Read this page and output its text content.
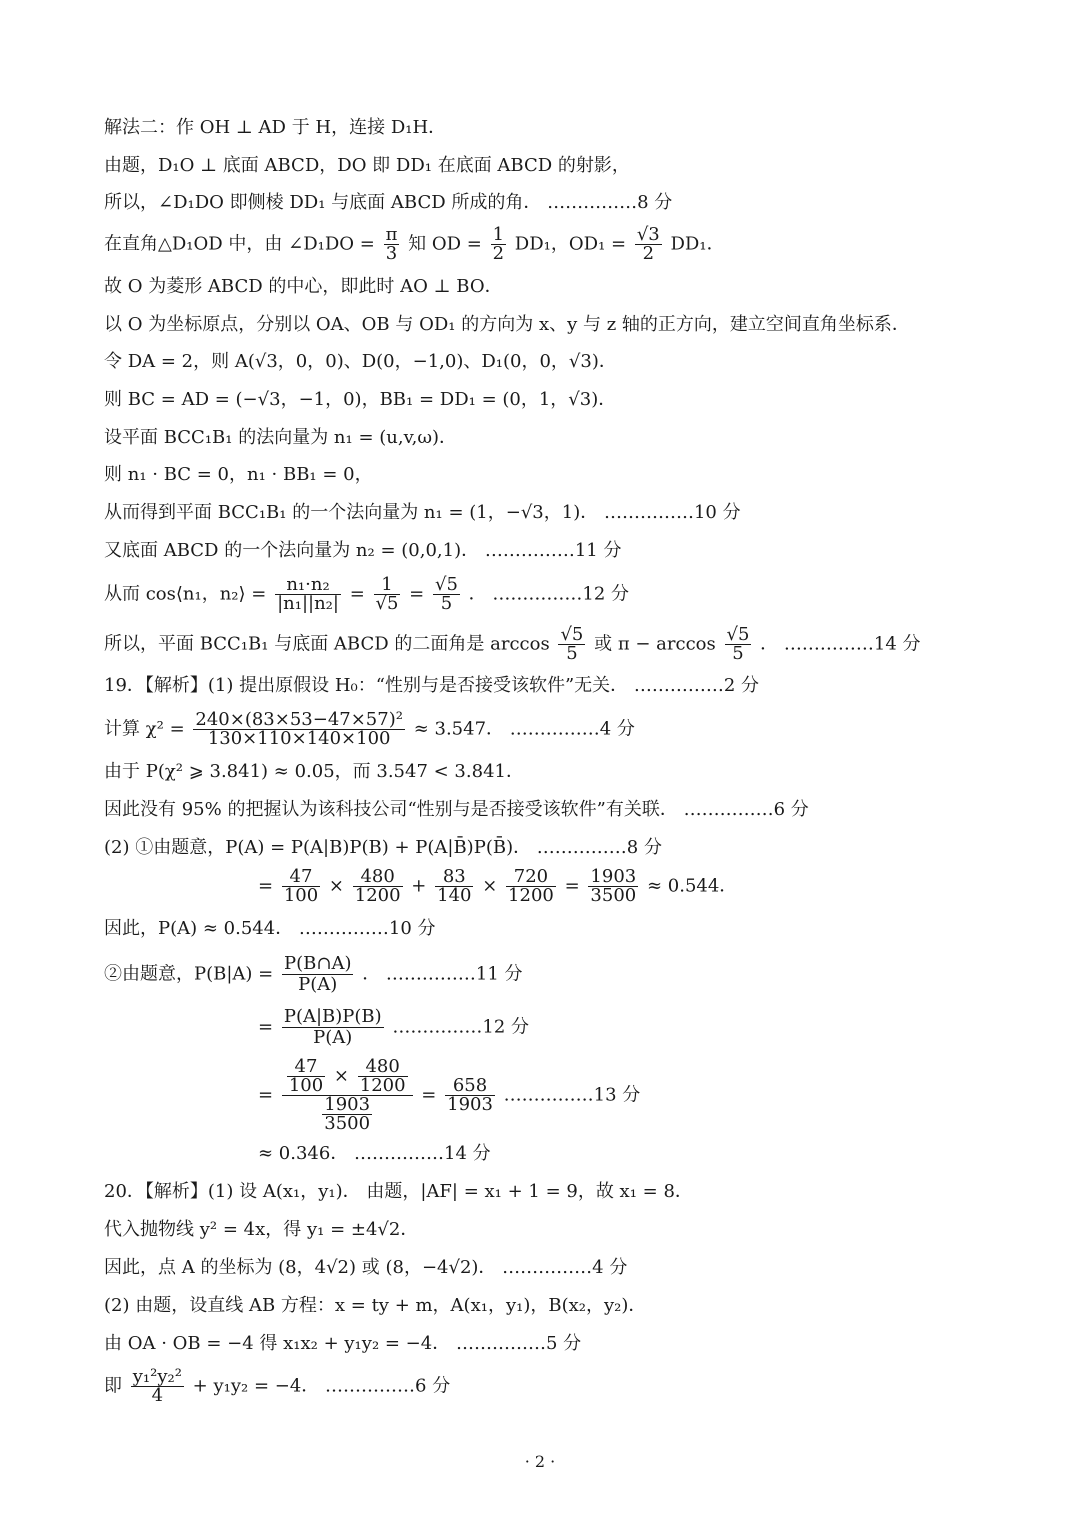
解法二：作 OH ⊥ AD 于 H，连接 D₁H．
由题，D₁O ⊥ 底面 ABCD，DO 即 DD₁ 在底面 ABCD 的射影，
所以，∠D₁DO 即侧棱 DD₁ 与底面 ABCD 所成的角． ……………8 分
在直角△D₁OD 中，由 ∠D₁DO = $\frac{\pi}{3}$ 知 OD = $\frac{1}{2} DD_1$，$OD_1 = \frac{√3}{2} DD_1$．
故 O 为菱形 ABCD 的中心，即此时 AO ⊥ BO．
以 O 为坐标原点，分别以 OA、OB 与 OD₁ 的方向为 x、y 与 z 轴的正方向，建立空间直角坐标系．
令 DA = 2，则 A(√3，0，0)、D(0，−1,0)、D₁(0，0，√3)．
则 BC = AD = (−√3，−1，0)，BB₁ = DD₁ = (0，1，√3)．
设平面 BCC₁B₁ 的法向量为 n₁ = (u,v,ω)．
则 n₁ · BC = 0，n₁ · BB₁ = 0，
从而得到平面 BCC₁B₁ 的一个法向量为 n₁ = (1，−√3，1)． ……………10 分
又底面 ABCD 的一个法向量为 n₂ = (0,0,1)． ……………11 分
从而 cos⟨n₁，n₂⟩ = $\frac{\text{n₁·n₂}}{\text{|n₁||n₂|}} = \frac{1}{√5} = \frac{√5}{5}$ ． ……………12 分
所以，平面 BCC₁B₁ 与底面 ABCD 的二面角是 $\arccos \frac{√5}{5}$ 或 $\pi - \arccos \frac{√5}{5}$ ． ……………14 分
19．【解析】(1) 提出原假设 H₀：“性别与是否接受该软件”无关． ……………2 分
计算 $\chi^2 = \frac{\text{240×(83×53−47×57)²}}{130\times 110\times 140\times 100} \approx 3.547$． ……………4 分
由于 P(χ² ⩾ 3.841) ≈ 0.05，而 3.547 < 3.841．
因此没有 95% 的把握认为该科技公司“性别与是否接受该软件”有关联． ……………6 分
(2) ①由题意，P(A) = P(A|B)P(B) + P(A|B̄)P(B̄)． ……………8 分
= $\frac{47}{100} \times \frac{480}{1200} + \frac{83}{140} \times \frac{720}{1200} = \frac{1903}{3500} \approx 0.544$．
因此，P(A) ≈ 0.544． ……………10 分
②由题意，$P(B|A) = \frac{P(B\cap A)}{P(A)}$ ． ……………11 分
= $\frac{P(A|B)P(B)}{P(A)}$ ……………12 分
= $\frac{47}{100} \times \frac{480}{1200}$
$\frac{1903}{3500}$
= $\frac{658}{1903}$ ……………13 分
≈ 0.346． ……………14 分
20．【解析】(1) 设 A(x₁，y₁)． 由题，|AF| = x₁ + 1 = 9，故 x₁ = 8．
代入抛物线 y² = 4x，得 y₁ = ±4√2．
因此，点 A 的坐标为 (8，4√2) 或 (8，−4√2)． ……………4 分
(2) 由题，设直线 AB 方程：x = ty + m，A(x₁，y₁)，B(x₂，y₂)．
由 OA · OB = −4 得 x₁x₂ + y₁y₂ = −4． ……………5 分
即 $\frac{\text{y₁²y₂²}}{4} + y_1y_2 = -4$． ……………6 分
· 2 ·
